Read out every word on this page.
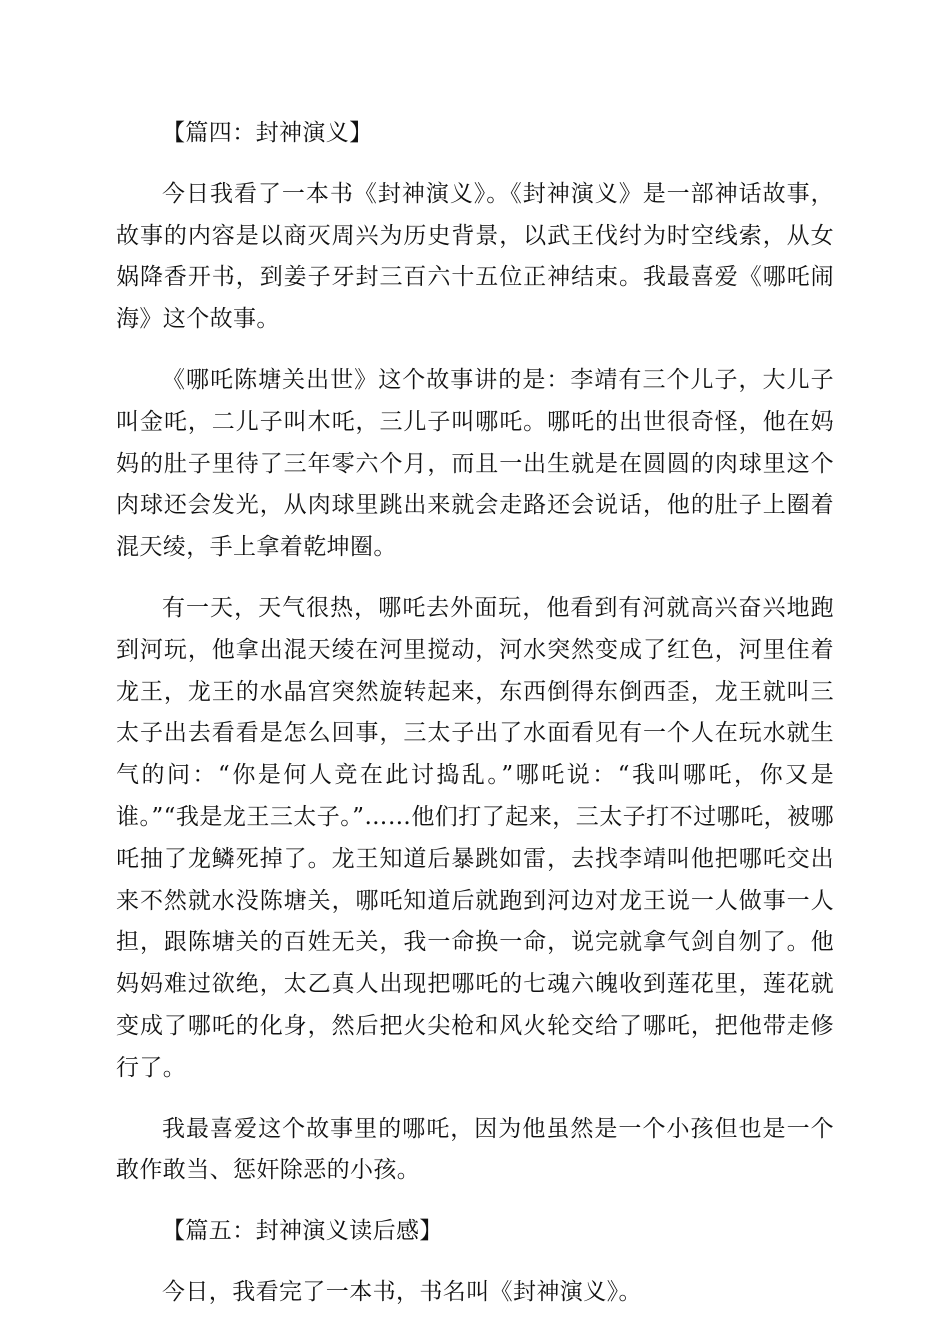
【篇四：封神演义】

今日我看了一本书《封神演义》。《封神演义》是一部神话故事，故事的内容是以商灭周兴为历史背景，以武王伐纣为时空线索，从女娲降香开书，到姜子牙封三百六十五位正神结束。我最喜爱《哪吒闹海》这个故事。

《哪吒陈塘关出世》这个故事讲的是：李靖有三个儿子，大儿子叫金吒，二儿子叫木吒，三儿子叫哪吒。哪吒的出世很奇怪，他在妈妈的肚子里待了三年零六个月，而且一出生就是在圆圆的肉球里这个肉球还会发光，从肉球里跳出来就会走路还会说话，他的肚子上圈着混天绫，手上拿着乾坤圈。

有一天，天气很热，哪吒去外面玩，他看到有河就高兴奋兴地跑到河玩，他拿出混天绫在河里搅动，河水突然变成了红色，河里住着龙王，龙王的水晶宫突然旋转起来，东西倒得东倒西歪，龙王就叫三太子出去看看是怎么回事，三太子出了水面看见有一个人在玩水就生气的问：“你是何人竞在此讨捣乱。”哪吒说：“我叫哪吒，你又是谁。”“我是龙王三太子。”……他们打了起来，三太子打不过哪吒，被哪吒抽了龙鳞死掉了。龙王知道后暴跳如雷，去找李靖叫他把哪吒交出来不然就水没陈塘关，哪吒知道后就跑到河边对龙王说一人做事一人担，跟陈塘关的百姓无关，我一命换一命，说完就拿气剑自刎了。他妈妈难过欲绝，太乙真人出现把哪吒的七魂六魄收到莲花里，莲花就变成了哪吒的化身，然后把火尖枪和风火轮交给了哪吒，把他带走修行了。

我最喜爱这个故事里的哪吒，因为他虽然是一个小孩但也是一个敢作敢当、惩奸除恶的小孩。

【篇五：封神演义读后感】

今日，我看完了一本书，书名叫《封神演义》。
